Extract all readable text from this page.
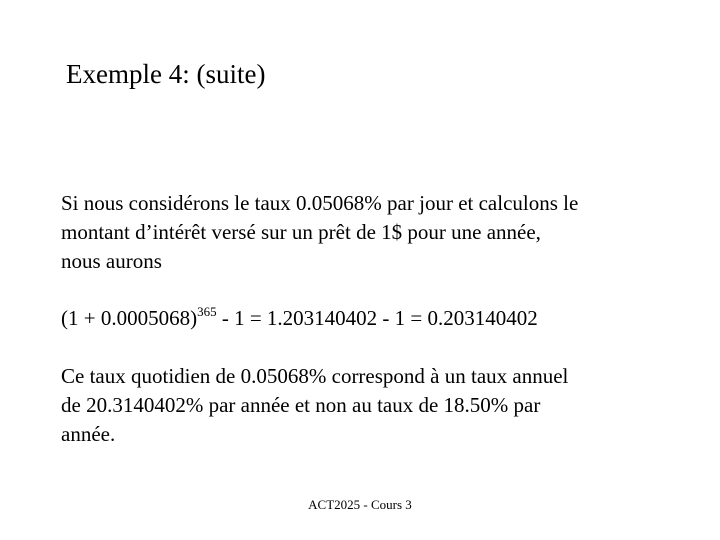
Exemple 4: (suite)

Si nous considérons le taux 0.05068% par jour et calculons le
montant d’intérêt versé sur un prêt de 1$ pour une année,
nous aurons

$(1 + 0.0005068)^{365} - 1 = 1.203140402 - 1 = 0.203140402$

Ce taux quotidien de 0.05068% correspond à un taux annuel
de 20.3140402% par année et non au taux de 18.50% par
année.

ACT2025 - Cours 3
